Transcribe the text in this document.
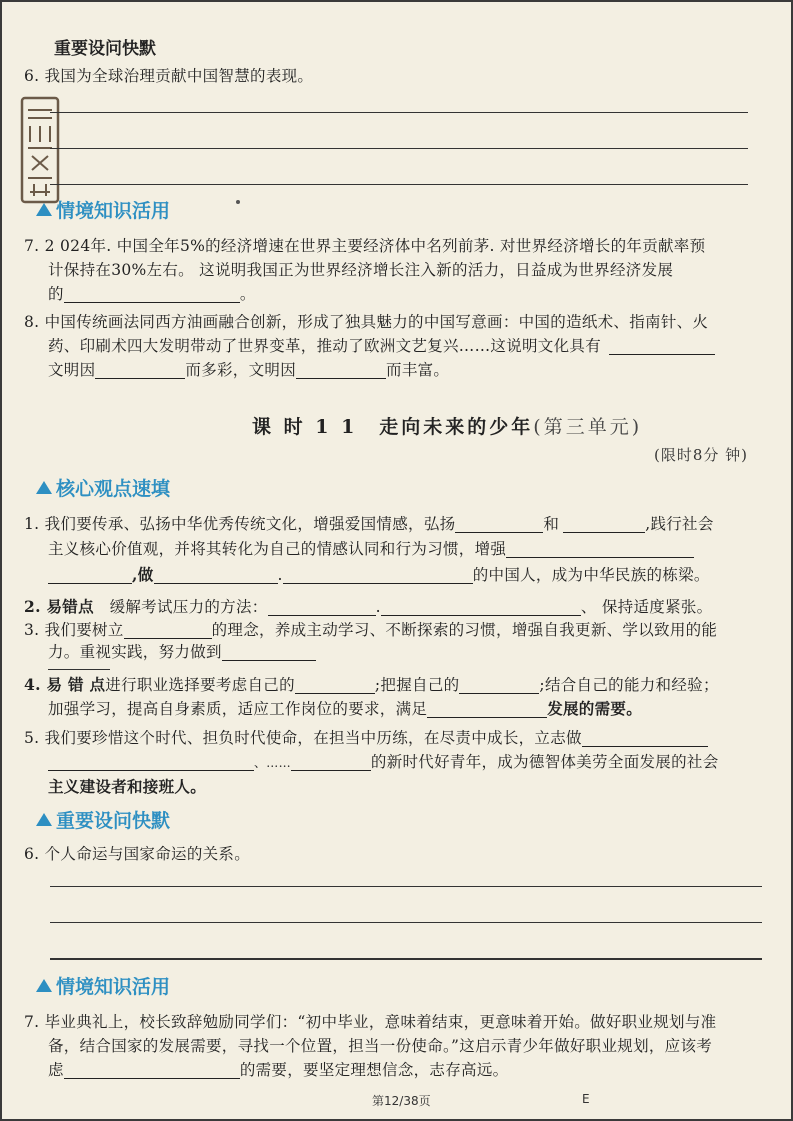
重要设问快默
6. 我国为全球治理贡献中国智慧的表现。
情境知识活用
7. 2 024年. 中国全年5%的经济增速在世界主要经济体中名列前茅. 对世界经济增长的年贡献率预
计保持在30%左右。 这说明我国正为世界经济增长注入新的活力，日益成为世界经济发展
的	。
8. 中国传统画法同西方油画融合创新，形成了独具魅力的中国写意画：中国的造纸术、指南针、火
药、印刷术四大发明带动了世界变革，推动了欧洲文艺复兴……这说明文化具有
文明因	而多彩，文明因	而丰富。
课 时 1 1　走向未来的少年(第三单元)
(限时8分 钟)
核心观点速填
1. 我们要传承、弘扬中华优秀传统文化，增强爱国情感，弘扬	和	,践行社会
主义核心价值观，并将其转化为自己的情感认同和行为习惯，增强
,做	.	的中国人，成为中华民族的栋梁。
2. 易错点 缓解考试压力的方法：	.	、 保持适度紧张。
3. 我们要树立	的理念，养成主动学习、不断探索的习惯，增强自我更新、学以致用的能
力。重视实践，努力做到
4. 易 错 点进行职业选择要考虑自己的	;把握自己的	;结合自己的能力和经验；
加强学习，提高自身素质，适应工作岗位的要求，满足	发展的需要。
5. 我们要珍惜这个时代、担负时代使命，在担当中历练，在尽责中成长，立志做
、……	的新时代好青年，成为德智体美劳全面发展的社会
主义建设者和接班人。
重要设问快默
6. 个人命运与国家命运的关系。
情境知识活用
7. 毕业典礼上，校长致辞勉励同学们：“初中毕业，意味着结束，更意味着开始。做好职业规划与准
备，结合国家的发展需要，寻找一个位置，担当一份使命。”这启示青少年做好职业规划，应该考
虑	的需要，要坚定理想信念，志存高远。
第12/38页	E
